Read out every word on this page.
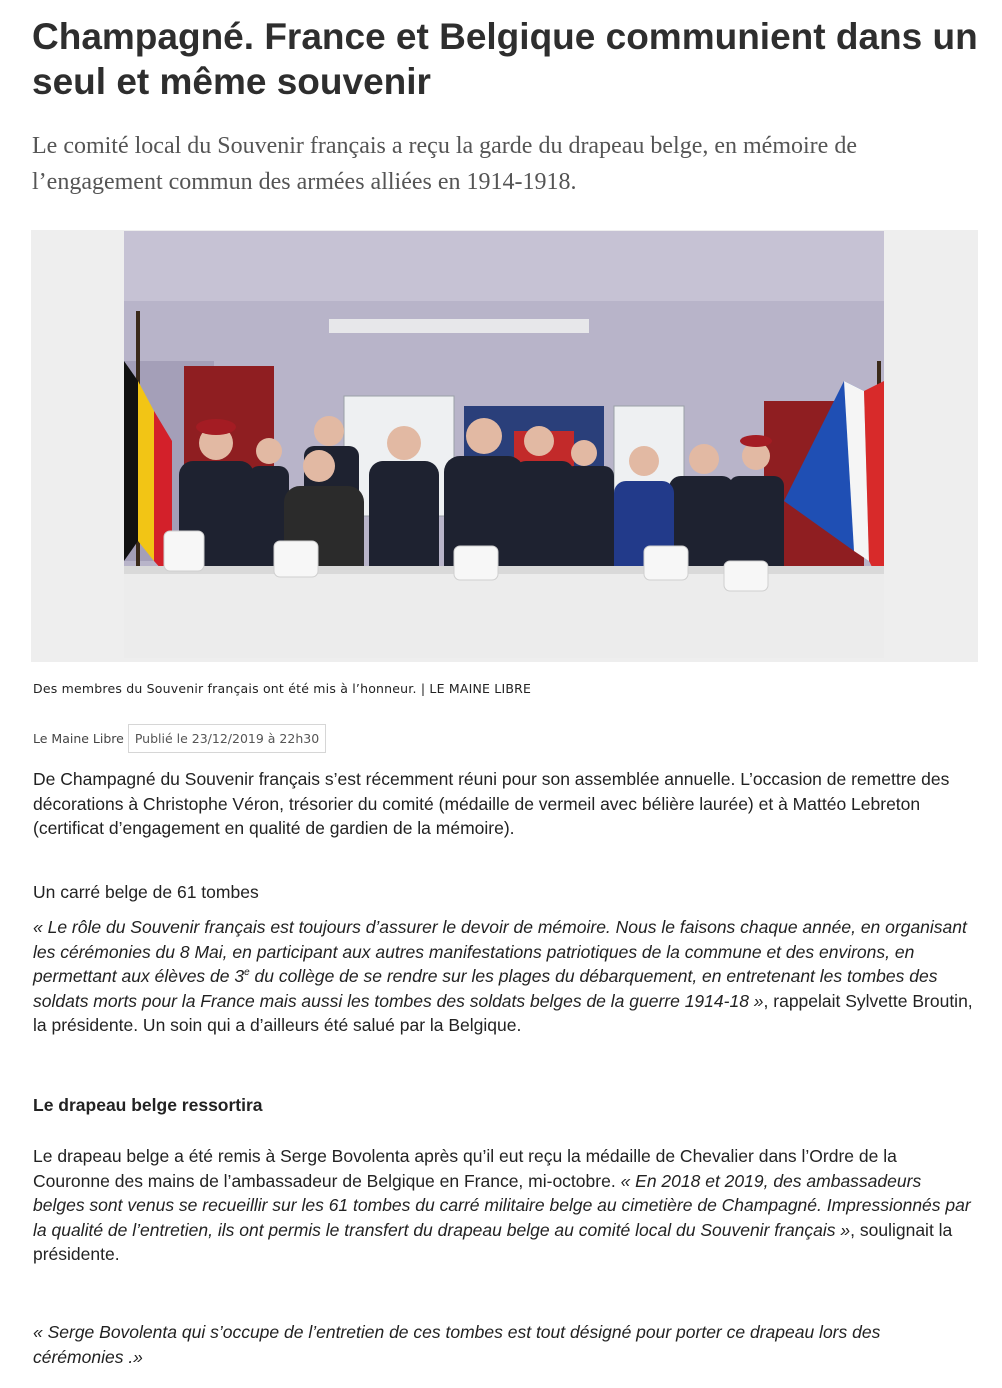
Champagné. France et Belgique communient dans un seul et même souvenir

Le comité local du Souvenir français a reçu la garde du drapeau belge, en mémoire de l’engagement commun des armées alliées en 1914-1918.

Des membres du Souvenir français ont été mis à l’honneur. | LE MAINE LIBRE
Le Maine Libre Publié le 23/12/2019 à 22h30

De Champagné du Souvenir français s’est récemment réuni pour son assemblée annuelle. L’occasion de remettre des décorations à Christophe Véron, trésorier du comité (médaille de vermeil avec bélière laurée) et à Mattéo Lebreton (certificat d’engagement en qualité de gardien de la mémoire).

Un carré belge de 61 tombes

« Le rôle du Souvenir français est toujours d’assurer le devoir de mémoire. Nous le faisons chaque année, en organisant les cérémonies du 8 Mai, en participant aux autres manifestations patriotiques de la commune et des environs, en permettant aux élèves de 3e du collège de se rendre sur les plages du débarquement, en entretenant les tombes des soldats morts pour la France mais aussi les tombes des soldats belges de la guerre 1914-18 », rappelait Sylvette Broutin, la présidente. Un soin qui a d’ailleurs été salué par la Belgique.

Le drapeau belge ressortira

Le drapeau belge a été remis à Serge Bovolenta après qu’il eut reçu la médaille de Chevalier dans l’Ordre de la Couronne des mains de l’ambassadeur de Belgique en France, mi-octobre. « En 2018 et 2019, des ambassadeurs belges sont venus se recueillir sur les 61 tombes du carré militaire belge au cimetière de Champagné. Impressionnés par la qualité de l’entretien, ils ont permis le transfert du drapeau belge au comité local du Souvenir français », soulignait la présidente.

« Serge Bovolenta qui s’occupe de l’entretien de ces tombes est tout désigné pour porter ce drapeau lors des cérémonies .»
